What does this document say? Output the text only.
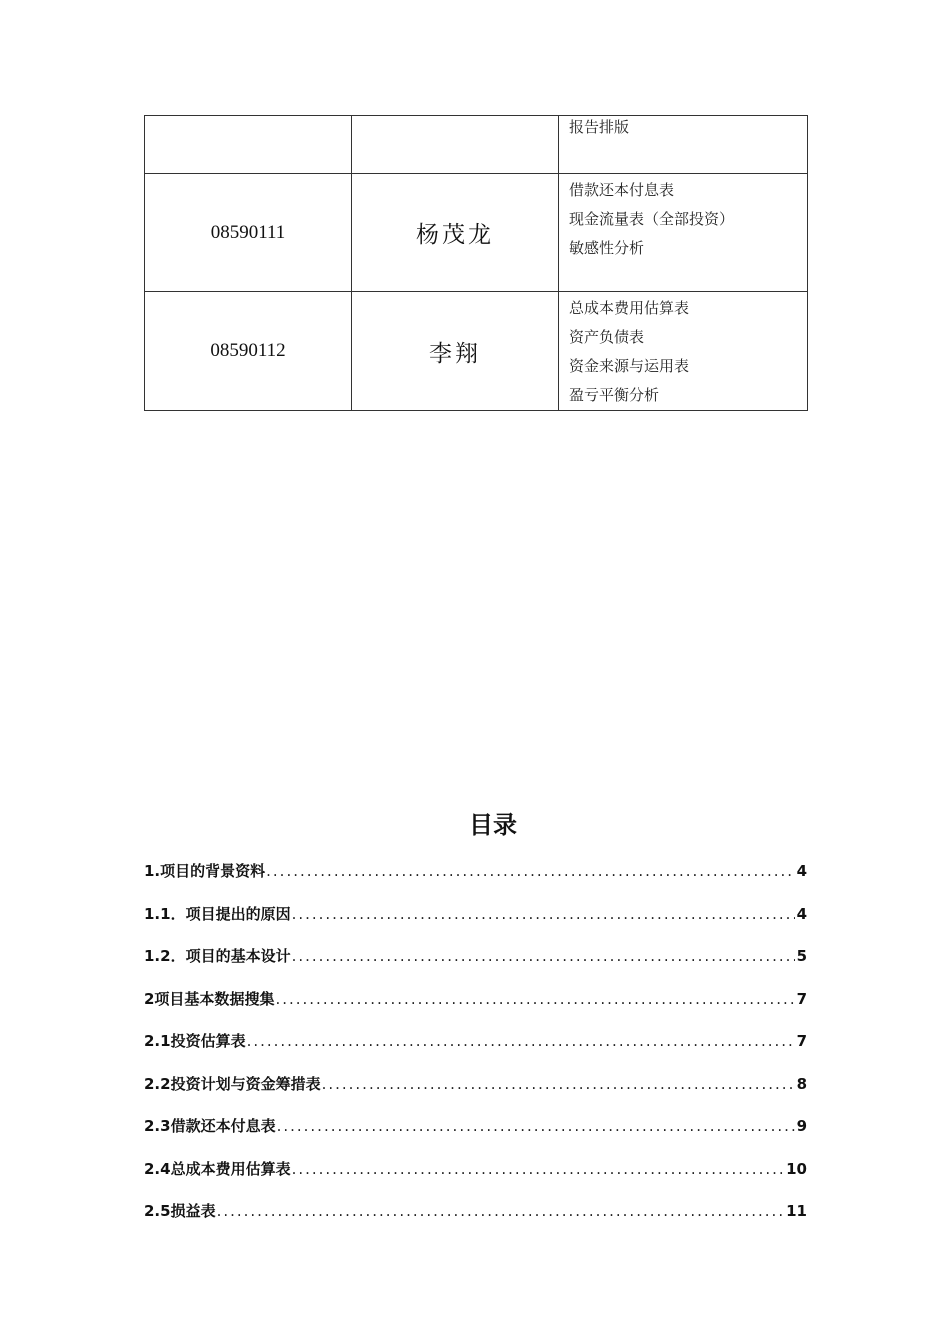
		报告排版

08590111	杨茂龙	借款还本付息表
现金流量表（全部投资）
敏感性分析

08590112	李翔	总成本费用估算表
资产负债表
资金来源与运用表
盈亏平衡分析
目录
1.项目的背景资料 .....	4
1.1．项目提出的原因 .....	4
1.2．项目的基本设计 .....	5
2项目基本数据搜集 .....	7
2.1投资估算表 .....	7
2.2投资计划与资金筹措表 .....	8
2.3借款还本付息表 .....	9
2.4总成本费用估算表 .....	10
2.5损益表 .....	11
